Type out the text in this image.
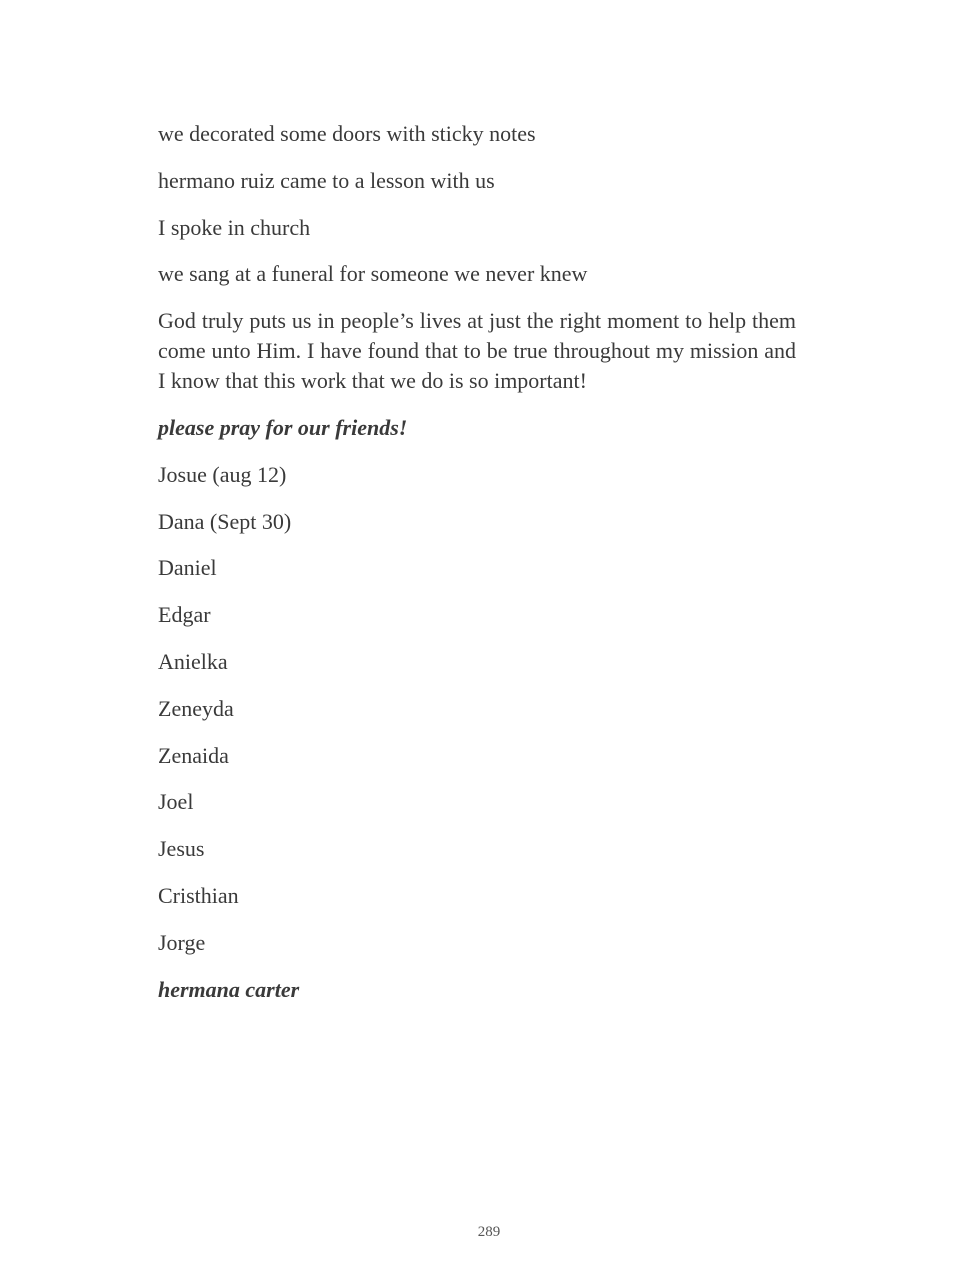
we decorated some doors with sticky notes

hermano ruiz came to a lesson with us

I spoke in church

we sang at a funeral for someone we never knew

God truly puts us in people’s lives at just the right moment to help them come unto Him. I have found that to be true throughout my mission and I know that this work that we do is so important!

please pray for our friends!

Josue (aug 12)

Dana (Sept 30)

Daniel

Edgar

Anielka

Zeneyda

Zenaida

Joel

Jesus

Cristhian

Jorge

hermana carter

289
